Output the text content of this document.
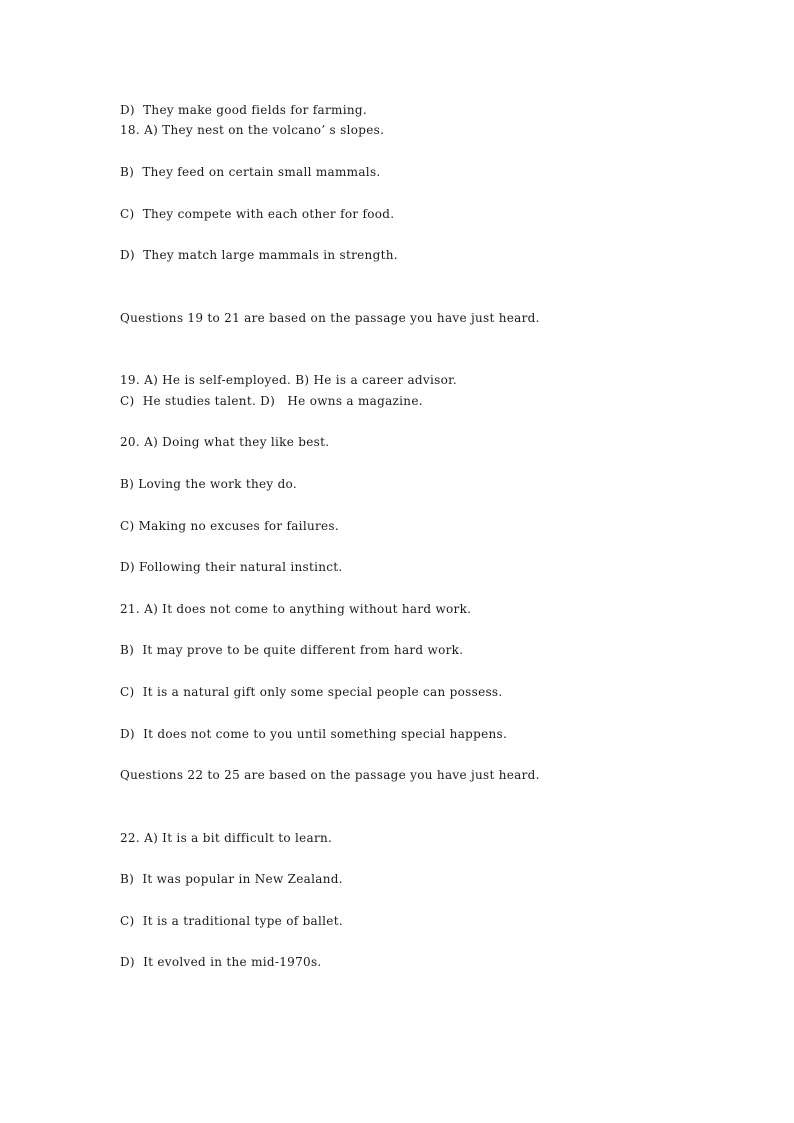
D)  They make good fields for farming.
18. A) They nest on the volcano’ s slopes.
B)  They feed on certain small mammals.
C)  They compete with each other for food.
D)  They match large mammals in strength.
Questions 19 to 21 are based on the passage you have just heard.
19. A) He is self-employed. B) He is a career advisor.
C)  He studies talent. D)   He owns a magazine.
20. A) Doing what they like best.
B) Loving the work they do.
C) Making no excuses for failures.
D) Following their natural instinct.
21. A) It does not come to anything without hard work.
B)  It may prove to be quite different from hard work.
C)  It is a natural gift only some special people can possess.
D)  It does not come to you until something special happens.
Questions 22 to 25 are based on the passage you have just heard.
22. A) It is a bit difficult to learn.
B)  It was popular in New Zealand.
C)  It is a traditional type of ballet.
D)  It evolved in the mid-1970s.
